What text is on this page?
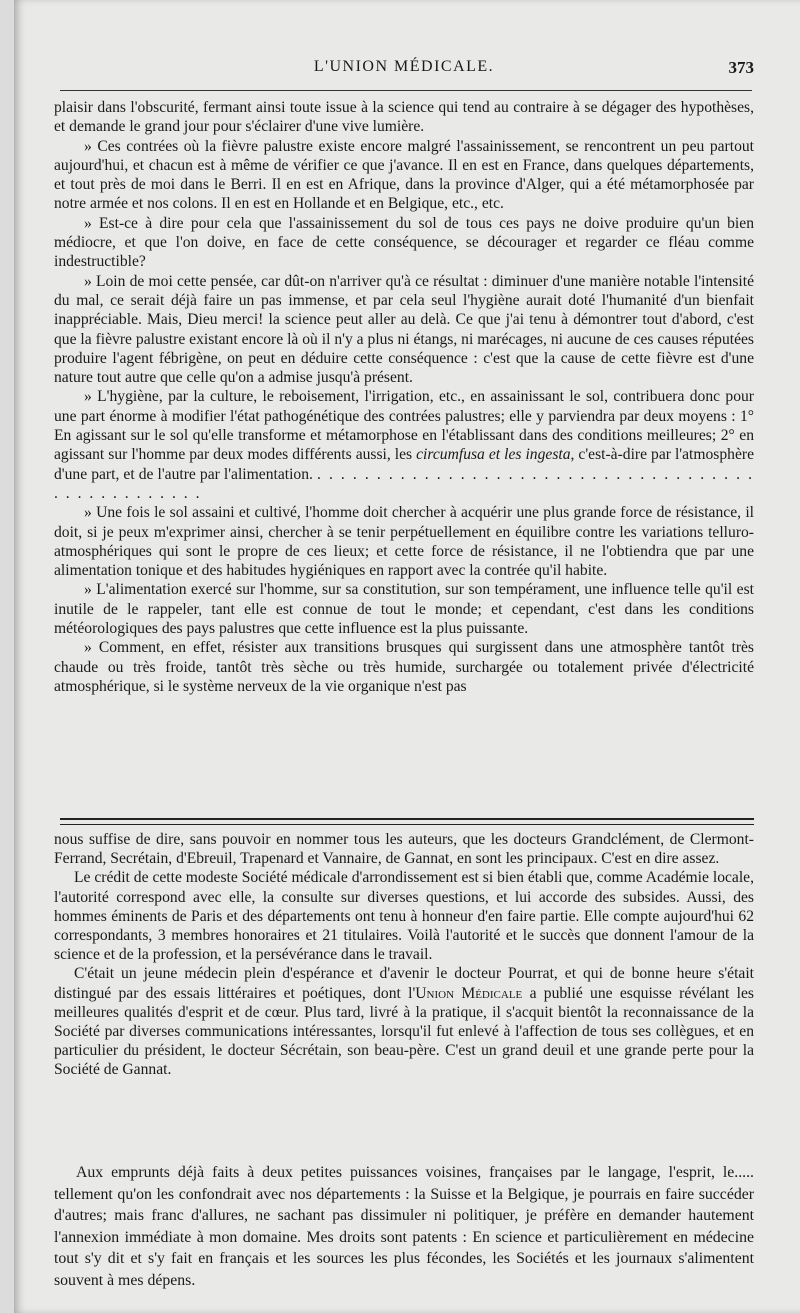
L'UNION MÉDICALE.	373

plaisir dans l'obscurité, fermant ainsi toute issue à la science qui tend au contraire à se dégager des hypothèses, et demande le grand jour pour s'éclairer d'une vive lumière.

» Ces contrées où la fièvre palustre existe encore malgré l'assainissement, se rencontrent un peu partout aujourd'hui, et chacun est à même de vérifier ce que j'avance. Il en est en France, dans quelques départements, et tout près de moi dans le Berri. Il en est en Afrique, dans la province d'Alger, qui a été métamorphosée par notre armée et nos colons. Il en est en Hollande et en Belgique, etc., etc.

» Est-ce à dire pour cela que l'assainissement du sol de tous ces pays ne doive produire qu'un bien médiocre, et que l'on doive, en face de cette conséquence, se décourager et regarder ce fléau comme indestructible?

» Loin de moi cette pensée, car dût-on n'arriver qu'à ce résultat : diminuer d'une manière notable l'intensité du mal, ce serait déjà faire un pas immense, et par cela seul l'hygiène aurait doté l'humanité d'un bienfait inappréciable. Mais, Dieu merci! la science peut aller au delà. Ce que j'ai tenu à démontrer tout d'abord, c'est que la fièvre palustre existant encore là où il n'y a plus ni étangs, ni marécages, ni aucune de ces causes réputées produire l'agent fébrigène, on peut en déduire cette conséquence : c'est que la cause de cette fièvre est d'une nature tout autre que celle qu'on a admise jusqu'à présent.

» L'hygiène, par la culture, le reboisement, l'irrigation, etc., en assainissant le sol, contribuera donc pour une part énorme à modifier l'état pathogénétique des contrées palustres; elle y parviendra par deux moyens : 1° En agissant sur le sol qu'elle transforme et métamorphose en l'établissant dans des conditions meilleures; 2° en agissant sur l'homme par deux modes différents aussi, les circumfusa et les ingesta, c'est-à-dire par l'atmosphère d'une part, et de l'autre par l'alimentation. . . . . . . . . . . . . . . . . . . . . . . . . . . . . . . . . . . . . . . . . . . . . . . . . . .

» Une fois le sol assaini et cultivé, l'homme doit chercher à acquérir une plus grande force de résistance, il doit, si je peux m'exprimer ainsi, chercher à se tenir perpétuellement en équilibre contre les variations telluro-atmosphériques qui sont le propre de ces lieux; et cette force de résistance, il ne l'obtiendra que par une alimentation tonique et des habitudes hygiéniques en rapport avec la contrée qu'il habite.

» L'alimentation exercé sur l'homme, sur sa constitution, sur son tempérament, une influence telle qu'il est inutile de le rappeler, tant elle est connue de tout le monde; et cependant, c'est dans les conditions météorologiques des pays palustres que cette influence est la plus puissante.

» Comment, en effet, résister aux transitions brusques qui surgissent dans une atmosphère tantôt très chaude ou très froide, tantôt très sèche ou très humide, surchargée ou totalement privée d'électricité atmosphérique, si le système nerveux de la vie organique n'est pas

nous suffise de dire, sans pouvoir en nommer tous les auteurs, que les docteurs Grandclément, de Clermont-Ferrand, Secrétain, d'Ebreuil, Trapenard et Vannaire, de Gannat, en sont les principaux. C'est en dire assez.

Le crédit de cette modeste Société médicale d'arrondissement est si bien établi que, comme Académie locale, l'autorité correspond avec elle, la consulte sur diverses questions, et lui accorde des subsides. Aussi, des hommes éminents de Paris et des départements ont tenu à honneur d'en faire partie. Elle compte aujourd'hui 62 correspondants, 3 membres honoraires et 21 titulaires. Voilà l'autorité et le succès que donnent l'amour de la science et de la profession, et la persévérance dans le travail.

C'était un jeune médecin plein d'espérance et d'avenir le docteur Pourrat, et qui de bonne heure s'était distingué par des essais littéraires et poétiques, dont l'Union Médicale a publié une esquisse révélant les meilleures qualités d'esprit et de cœur. Plus tard, livré à la pratique, il s'acquit bientôt la reconnaissance de la Société par diverses communications intéressantes, lorsqu'il fut enlevé à l'affection de tous ses collègues, et en particulier du président, le docteur Sécrétain, son beau-père. C'est un grand deuil et une grande perte pour la Société de Gannat.

Aux emprunts déjà faits à deux petites puissances voisines, françaises par le langage, l'esprit, le..... tellement qu'on les confondrait avec nos départements : la Suisse et la Belgique, je pourrais en faire succéder d'autres; mais franc d'allures, ne sachant pas dissimuler ni politiquer, je préfère en demander hautement l'annexion immédiate à mon domaine. Mes droits sont patents : En science et particulièrement en médecine tout s'y dit et s'y fait en français et les sources les plus fécondes, les Sociétés et les journaux s'alimentent souvent à mes dépens.
